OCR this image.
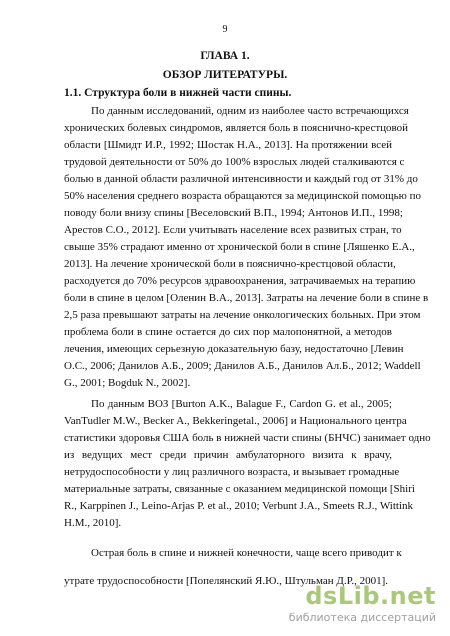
9
ГЛАВА 1.
ОБЗОР ЛИТЕРАТУРЫ.
1.1. Структура боли в нижней части спины.
По данным исследований, одним из наиболее часто встречающихся
хронических болевых синдромов, является боль в пояснично-крестцовой
области [Шмидт И.Р., 1992; Шостак Н.А., 2013]. На протяжении всей
трудовой деятельности от 50% до 100% взрослых людей сталкиваются с
болью в данной области различной интенсивности и каждый год от 31% до
50% населения среднего возраста обращаются за медицинской помощью по
поводу боли внизу спины [Веселовский В.П., 1994; Антонов И.П., 1998;
Арестов С.О., 2012]. Если учитывать население всех развитых стран, то
свыше 35% страдают именно от хронической боли в спине [Ляшенко Е.А.,
2013]. На лечение хронической боли в пояснично-крестцовой области,
расходуется до 70% ресурсов здравоохранения, затрачиваемых на терапию
боли в спине в целом [Оленин В.А., 2013]. Затраты на лечение боли в спине в
2,5 раза превышают затраты на лечение онкологических больных. При этом
проблема боли в спине остается до сих пор малопонятной, а методов
лечения, имеющих серьезную доказательную базу, недостаточно [Левин
О.С., 2006; Данилов А.Б., 2009; Данилов А.Б., Данилов Ал.Б., 2012; Waddell
G., 2001; Bogduk N., 2002].
По данным ВОЗ [Burton A.K., Balague F., Cardon G. et al., 2005;
VanTudler M.W., Becker A., Bekkeringetal., 2006] и Национального центра
статистики здоровья США боль в нижней части спины (БНЧС) занимает одно
из ведущих мест среди причин амбулаторного визита к врачу,
нетрудоспособности у лиц различного возраста, и вызывает громадные
материальные затраты, связанные с оказанием медицинской помощи [Shiri
R., Karppinen J., Leino-Arjas P. et al., 2010; Verbunt J.A., Smeets R.J., Wittink
H.M., 2010].
Острая боль в спине и нижней конечности, чаще всего приводит к
утрате трудоспособности [Попелянский Я.Ю., Штульман Д.Р., 2001].
dsLib.net
библиотека диссертаций
